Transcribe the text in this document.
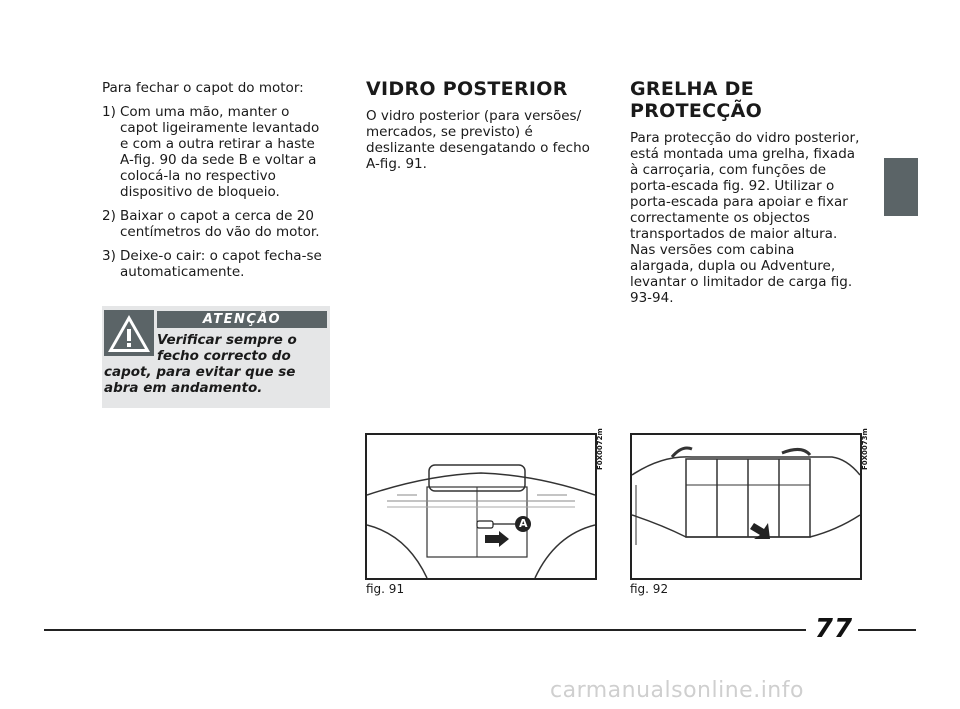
Para fechar o capot do motor:

1) Com uma mão, manter o capot ligeiramente levantado e com a outra retirar a haste A-fig. 90 da sede B e voltar a colocá-la no respectivo dispositivo de bloqueio.
2) Baixar o capot a cerca de 20 centímetros do vão do motor.
3) Deixe-o cair: o capot fecha-se automaticamente.
ATENÇÃO
Verificar sempre o fecho correcto do
capot, para evitar que se abra em andamento.
VIDRO POSTERIOR

O vidro posterior (para versões/ mercados, se previsto) é deslizante desengatando o fecho A-fig. 91.

GRELHA DE PROTECÇÃO

Para protecção do vidro posterior, está montada uma grelha, fixada à carroçaria, com funções de porta-escada fig. 92. Utilizar o porta-escada para apoiar e fixar correctamente os objectos transportados de maior altura. Nas versões com cabina alargada, dupla ou Adventure, levantar o limitador de carga fig. 93-94.

A
F0X0072m
fig. 91
F0X0073m
fig. 92
77
carmanualsonline.info
